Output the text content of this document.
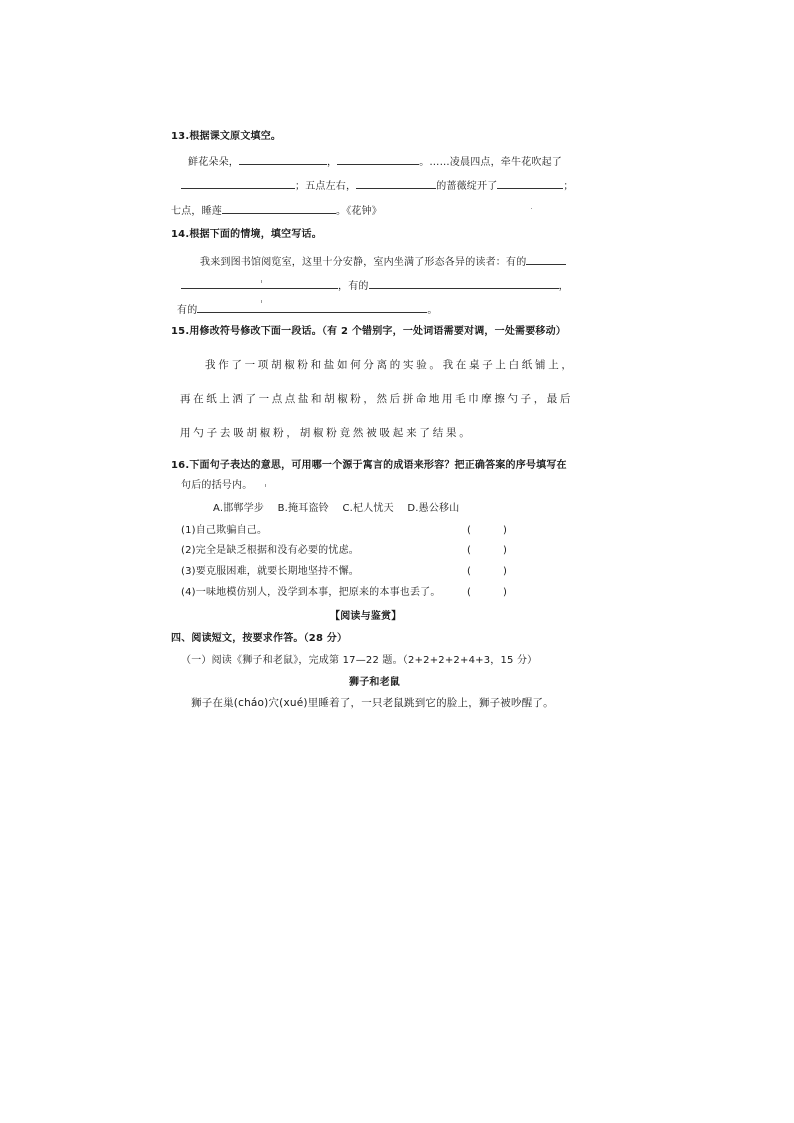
13.根据课文原文填空。
鲜花朵朵，	，	。……凌晨四点，牵牛花吹起了
；五点左右，	的蔷薇绽开了	；
七点，睡莲	。《花钟》
14.根据下面的情境，填空写话。
我来到图书馆阅览室，这里十分安静，室内坐满了形态各异的读者：有的
，有的	，
有的	。
15.用修改符号修改下面一段话。（有 2 个错别字，一处词语需要对调，一处需要移动）
我作了一项胡椒粉和盐如何分离的实验。我在桌子上白纸铺上，
再在纸上洒了一点点盐和胡椒粉，然后拼命地用毛巾摩擦勺子，最后
用勺子去吸胡椒粉，胡椒粉竟然被吸起来了结果。
16.下面句子表达的意思，可用哪一个源于寓言的成语来形容？把正确答案的序号填写在
句后的括号内。
A.邯郸学步　 B.掩耳盗铃　 C.杞人忧天　 D.愚公移山
(1)自己欺骗自己。	(	)
(2)完全是缺乏根据和没有必要的忧虑。	(	)
(3)要克服困难，就要长期地坚持不懈。	(	)
(4)一味地模仿别人，没学到本事，把原来的本事也丢了。	(	)
【阅读与鉴赏】
四、阅读短文，按要求作答。（28 分）
（一）阅读《狮子和老鼠》，完成第 17—22 题。（2+2+2+2+4+3，15 分）
狮子和老鼠
狮子在巢(cháo)穴(xué)里睡着了，一只老鼠跳到它的脸上，狮子被吵醒了。
